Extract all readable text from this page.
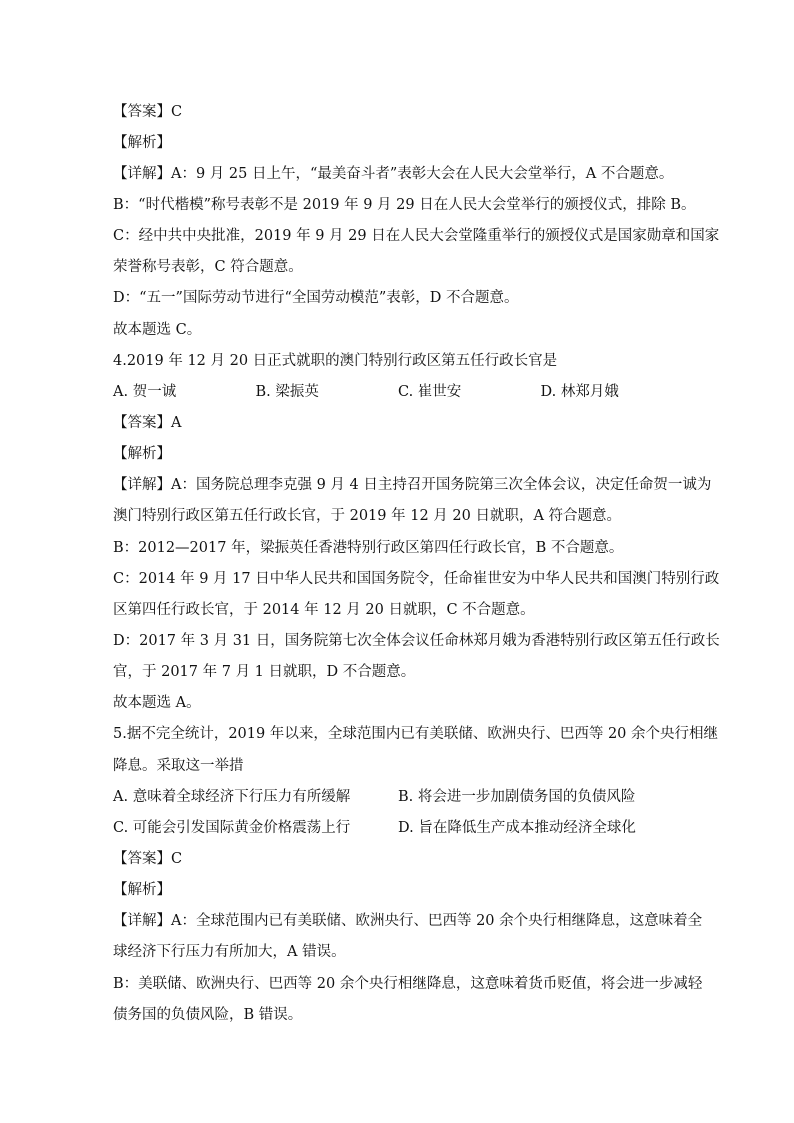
【答案】C
【解析】
【详解】A：9 月 25 日上午，“最美奋斗者”表彰大会在人民大会堂举行，A 不合题意。
B：“时代楷模”称号表彰不是 2019 年 9 月 29 日在人民大会堂举行的颁授仪式，排除 B。
C：经中共中央批准，2019 年 9 月 29 日在人民大会堂隆重举行的颁授仪式是国家勋章和国家
荣誉称号表彰，C 符合题意。
D：“五一”国际劳动节进行“全国劳动模范”表彰，D 不合题意。
故本题选 C。
4.2019 年 12 月 20 日正式就职的澳门特别行政区第五任行政长官是
A. 贺一诚	B. 梁振英	C. 崔世安	D. 林郑月娥
【答案】A
【解析】
【详解】A：国务院总理李克强 9 月 4 日主持召开国务院第三次全体会议，决定任命贺一诚为
澳门特别行政区第五任行政长官，于 2019 年 12 月 20 日就职，A 符合题意。
B：2012—2017 年，梁振英任香港特别行政区第四任行政长官，B 不合题意。
C：2014 年 9 月 17 日中华人民共和国国务院令，任命崔世安为中华人民共和国澳门特别行政
区第四任行政长官，于 2014 年 12 月 20 日就职，C 不合题意。
D：2017 年 3 月 31 日，国务院第七次全体会议任命林郑月娥为香港特别行政区第五任行政长
官，于 2017 年 7 月 1 日就职，D 不合题意。
故本题选 A。
5.据不完全统计，2019 年以来，全球范围内已有美联储、欧洲央行、巴西等 20 余个央行相继
降息。采取这一举措
A. 意味着全球经济下行压力有所缓解	B. 将会进一步加剧债务国的负债风险
C. 可能会引发国际黄金价格震荡上行	D. 旨在降低生产成本推动经济全球化
【答案】C
【解析】
【详解】A：全球范围内已有美联储、欧洲央行、巴西等 20 余个央行相继降息，这意味着全
球经济下行压力有所加大，A 错误。
B：美联储、欧洲央行、巴西等 20 余个央行相继降息，这意味着货币贬值，将会进一步减轻
债务国的负债风险，B 错误。
